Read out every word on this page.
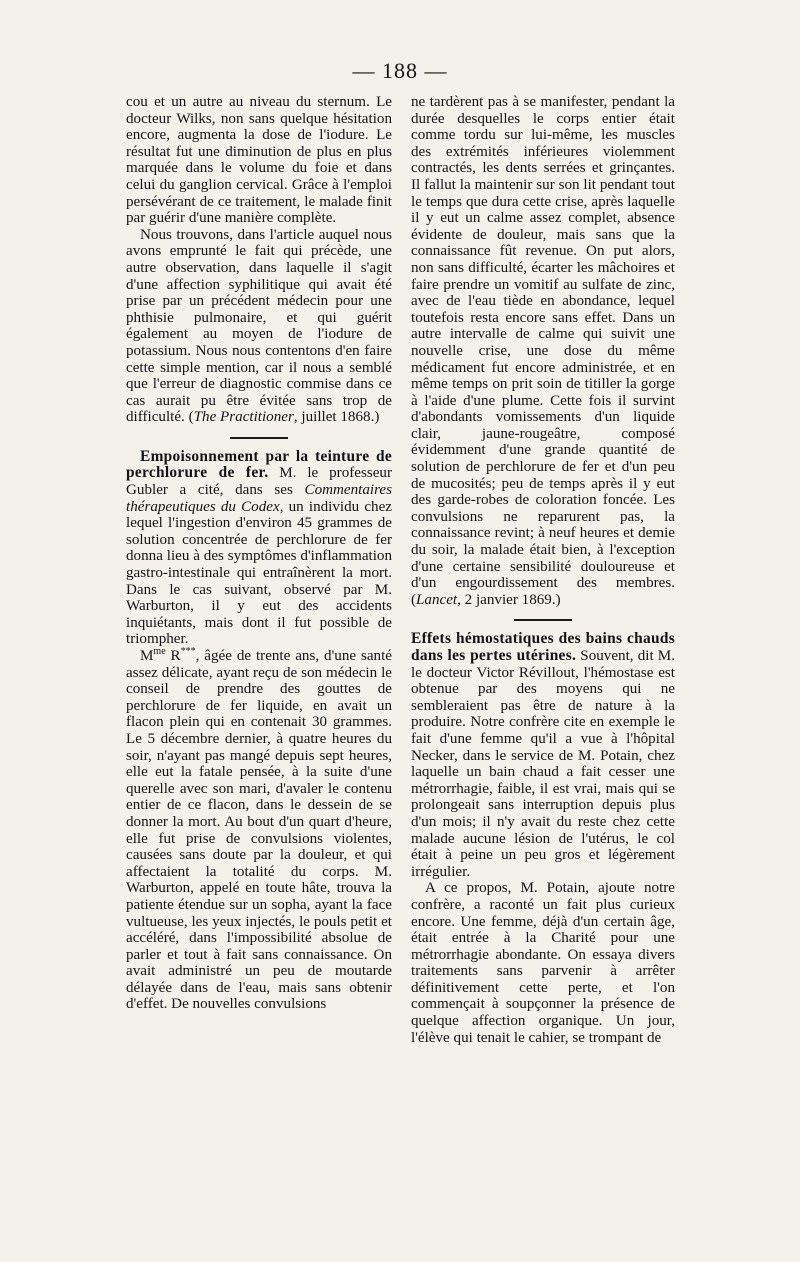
— 188 —

cou et un autre au niveau du sternum. Le docteur Wilks, non sans quelque hésitation encore, augmenta la dose de l'iodure. Le résultat fut une diminution de plus en plus marquée dans le volume du foie et dans celui du ganglion cervical. Grâce à l'emploi persévérant de ce traitement, le malade finit par guérir d'une manière complète.

Nous trouvons, dans l'article auquel nous avons emprunté le fait qui précède, une autre observation, dans laquelle il s'agit d'une affection syphilitique qui avait été prise par un précédent médecin pour une phthisie pulmonaire, et qui guérit également au moyen de l'iodure de potassium. Nous nous contentons d'en faire cette simple mention, car il nous a semblé que l'erreur de diagnostic commise dans ce cas aurait pu être évitée sans trop de difficulté. (The Practitioner, juillet 1868.)

Empoisonnement par la teinture de perchlorure de fer. M. le professeur Gubler a cité, dans ses Commentaires thérapeutiques du Codex, un individu chez lequel l'ingestion d'environ 45 grammes de solution concentrée de perchlorure de fer donna lieu à des symptômes d'inflammation gastro-intestinale qui entraînèrent la mort. Dans le cas suivant, observé par M. Warburton, il y eut des accidents inquiétants, mais dont il fut possible de triompher.

$M^{me}$ R***, âgée de trente ans, d'une santé assez délicate, ayant reçu de son médecin le conseil de prendre des gouttes de perchlorure de fer liquide, en avait un flacon plein qui en contenait 30 grammes. Le 5 décembre dernier, à quatre heures du soir, n'ayant pas mangé depuis sept heures, elle eut la fatale pensée, à la suite d'une querelle avec son mari, d'avaler le contenu entier de ce flacon, dans le dessein de se donner la mort. Au bout d'un quart d'heure, elle fut prise de convulsions violentes, causées sans doute par la douleur, et qui affectaient la totalité du corps. M. Warburton, appelé en toute hâte, trouva la patiente étendue sur un sopha, ayant la face vultueuse, les yeux injectés, le pouls petit et accéléré, dans l'impossibilité absolue de parler et tout à fait sans connaissance. On avait administré un peu de moutarde délayée dans de l'eau, mais sans obtenir d'effet. De nouvelles convulsions

ne tardèrent pas à se manifester, pendant la durée desquelles le corps entier était comme tordu sur lui-même, les muscles des extrémités inférieures violemment contractés, les dents serrées et grinçantes. Il fallut la maintenir sur son lit pendant tout le temps que dura cette crise, après laquelle il y eut un calme assez complet, absence évidente de douleur, mais sans que la connaissance fût revenue. On put alors, non sans difficulté, écarter les mâchoires et faire prendre un vomitif au sulfate de zinc, avec de l'eau tiède en abondance, lequel toutefois resta encore sans effet. Dans un autre intervalle de calme qui suivit une nouvelle crise, une dose du même médicament fut encore administrée, et en même temps on prit soin de titiller la gorge à l'aide d'une plume. Cette fois il survint d'abondants vomissements d'un liquide clair, jaune-rougeâtre, composé évidemment d'une grande quantité de solution de perchlorure de fer et d'un peu de mucosités; peu de temps après il y eut des garde-robes de coloration foncée. Les convulsions ne reparurent pas, la connaissance revint; à neuf heures et demie du soir, la malade était bien, à l'exception d'une certaine sensibilité douloureuse et d'un engourdissement des membres. (Lancet, 2 janvier 1869.)

Effets hémostatiques des bains chauds dans les pertes utérines. Souvent, dit M. le docteur Victor Révillout, l'hémostase est obtenue par des moyens qui ne sembleraient pas être de nature à la produire. Notre confrère cite en exemple le fait d'une femme qu'il a vue à l'hôpital Necker, dans le service de M. Potain, chez laquelle un bain chaud a fait cesser une métrorrhagie, faible, il est vrai, mais qui se prolongeait sans interruption depuis plus d'un mois; il n'y avait du reste chez cette malade aucune lésion de l'utérus, le col était à peine un peu gros et légèrement irrégulier.

A ce propos, M. Potain, ajoute notre confrère, a raconté un fait plus curieux encore. Une femme, déjà d'un certain âge, était entrée à la Charité pour une métrorrhagie abondante. On essaya divers traitements sans parvenir à arrêter définitivement cette perte, et l'on commençait à soupçonner la présence de quelque affection organique. Un jour, l'élève qui tenait le cahier, se trompant de
